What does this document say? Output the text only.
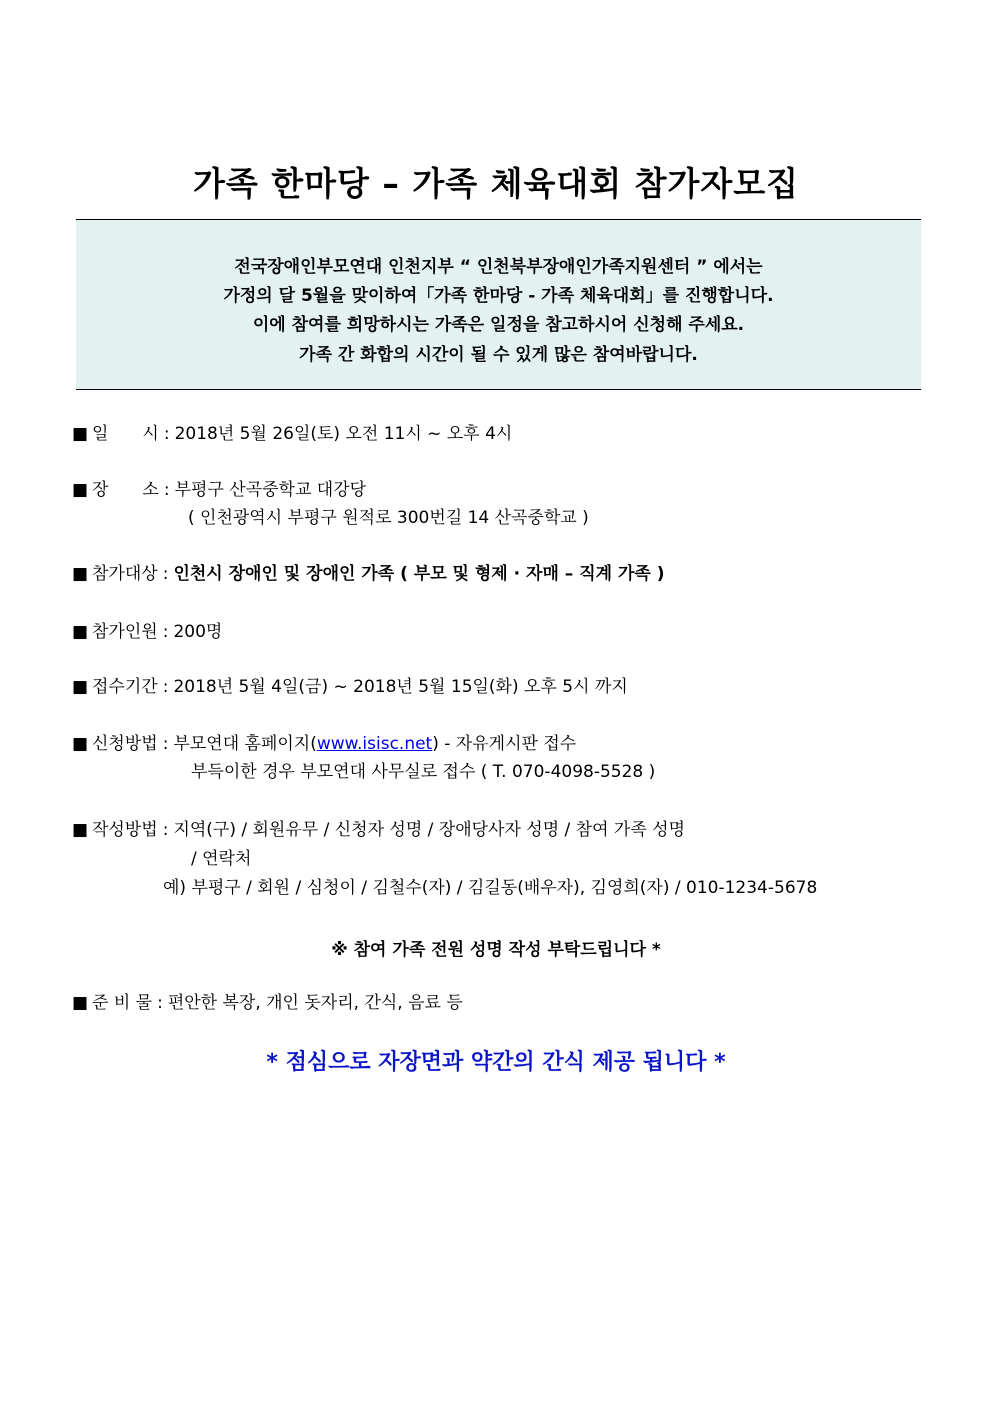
가족 한마당 – 가족 체육대회 참가자모집
전국장애인부모연대 인천지부 “ 인천북부장애인가족지원센터 ” 에서는
가정의 달 5월을 맞이하여「가족 한마당 - 가족 체육대회」를 진행합니다.
이에 참여를 희망하시는 가족은 일정을 참고하시어 신청해 주세요.
가족 간 화합의 시간이 될 수 있게 많은 참여바랍니다.
■ 일　　시 : 2018년 5월 26일(토) 오전 11시 ~ 오후 4시
■ 장　　소 : 부평구 산곡중학교 대강당
( 인천광역시 부평구 원적로 300번길 14 산곡중학교 )
■ 참가대상 : 인천시 장애인 및 장애인 가족 ( 부모 및 형제 · 자매 – 직계 가족 )
■ 참가인원 : 200명
■ 접수기간 : 2018년 5월 4일(금) ~ 2018년 5월 15일(화) 오후 5시 까지
■ 신청방법 : 부모연대 홈페이지(www.isisc.net) - 자유게시판 접수
부득이한 경우 부모연대 사무실로 접수 ( T. 070-4098-5528 )
■ 작성방법 : 지역(구) / 회원유무 / 신청자 성명 / 장애당사자 성명 / 참여 가족 성명
/ 연락처
예) 부평구 / 회원 / 심청이 / 김철수(자) / 김길동(배우자), 김영희(자) / 010-1234-5678
※ 참여 가족 전원 성명 작성 부탁드립니다 *
■ 준 비 물 : 편안한 복장, 개인 돗자리, 간식, 음료 등
* 점심으로 자장면과 약간의 간식 제공 됩니다 *
